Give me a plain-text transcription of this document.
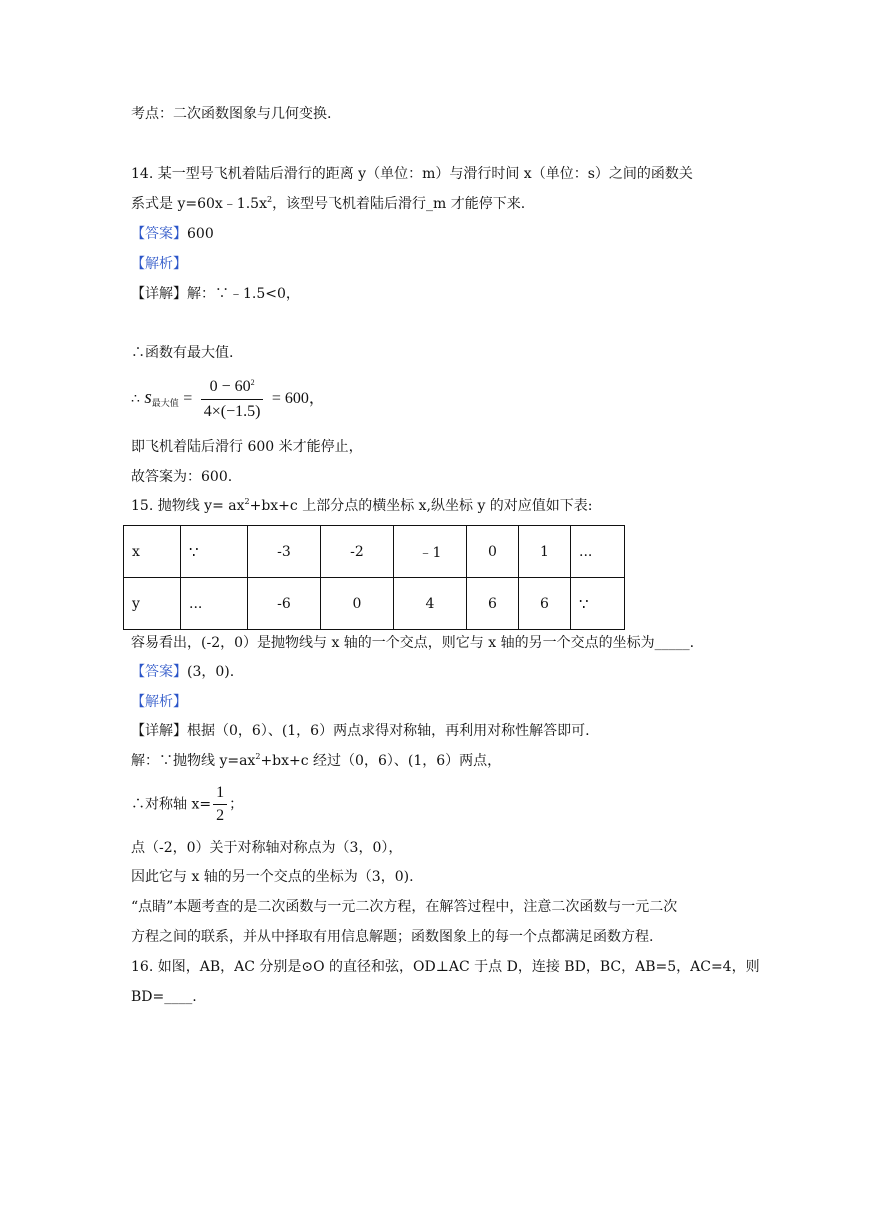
考点：二次函数图象与几何变换.
14. 某一型号飞机着陆后滑行的距离 y（单位：m）与滑行时间 x（单位：s）之间的函数关
系式是 $y=60x﹣1.5x^2$，该型号飞机着陆后滑行_m 才能停下来.
【答案】600
【解析】
【详解】解：∵﹣1.5<0，
∴函数有最大值.
∴ $s_{最大值} = \frac{0 - 60^2}{4\times(-1.5)} = 600$，
即飞机着陆后滑行 600 米才能停止，
故答案为：600.
15. 抛物线 $y= ax^2+bx+c$ 上部分点的横坐标 x,纵坐标 y 的对应值如下表:
x	∵	-3	-2	﹣1	0	1	...
y	...	-6	0	4	6	6	∵
容易看出，(-2，0）是抛物线与 x 轴的一个交点，则它与 x 轴的另一个交点的坐标为_____.
【答案】(3，0).
【解析】
【详解】根据（0，6）、(1，6）两点求得对称轴，再利用对称性解答即可.
解：∵抛物线 $y=ax^2+bx+c$ 经过（0，6）、(1，6）两点，
∴对称轴 $x= \frac{1}{2}$ ；
点（-2，0）关于对称轴对称点为（3，0），
因此它与 x 轴的另一个交点的坐标为（3，0).
“点睛”本题考查的是二次函数与一元二次方程，在解答过程中，注意二次函数与一元二次
方程之间的联系，并从中择取有用信息解题；函数图象上的每一个点都满足函数方程.
16. 如图，AB，AC 分别是⊙O 的直径和弦，OD⊥AC 于点 D，连接 BD，BC，AB=5，AC=4，则
BD=____.
